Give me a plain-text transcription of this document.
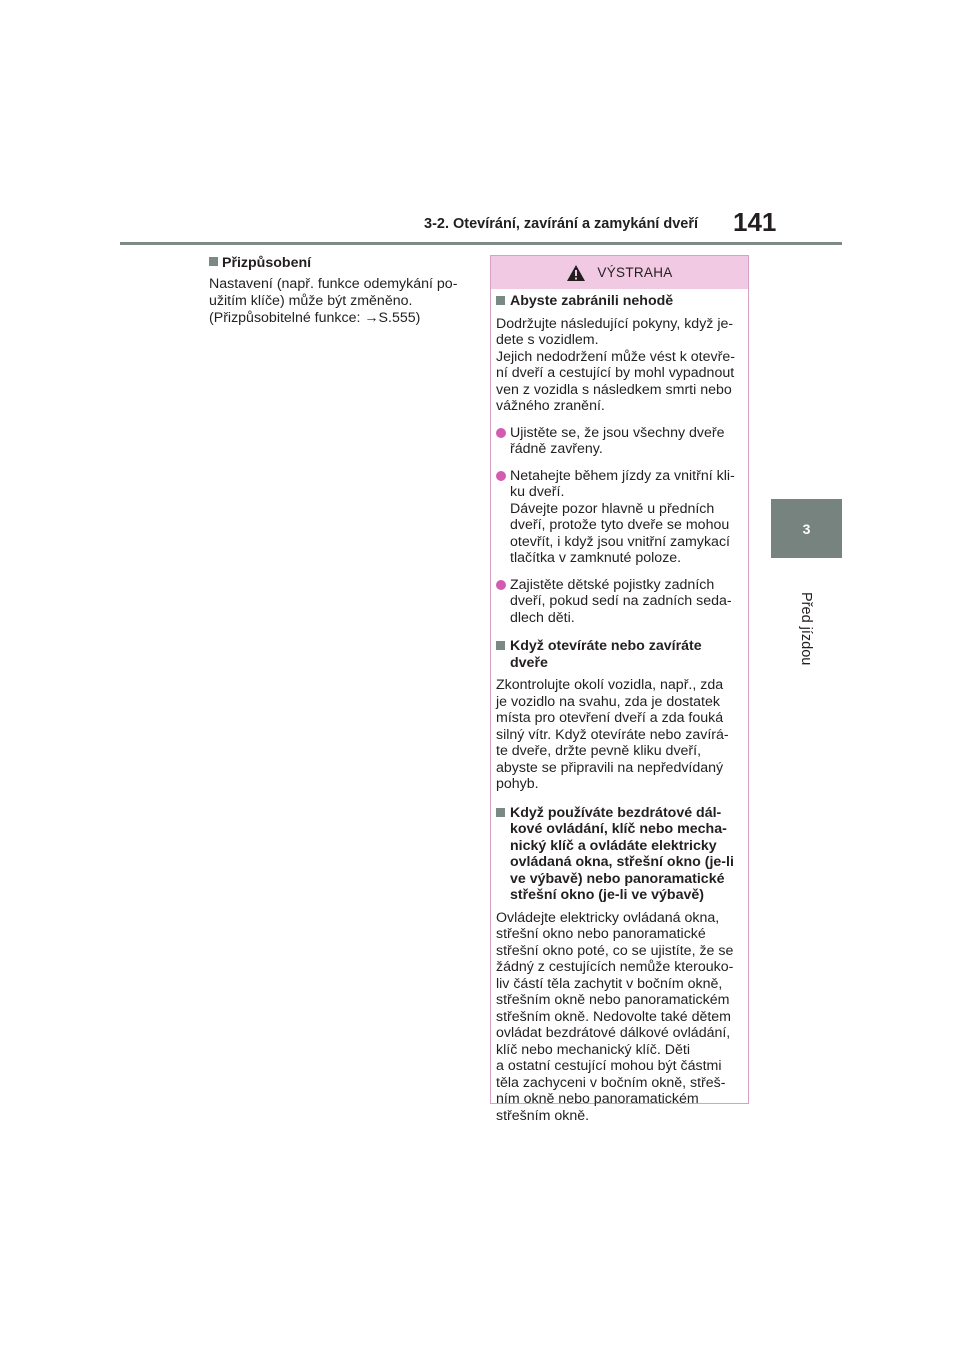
3-2. Otevírání, zavírání a zamykání dveří 141
3
Před jízdou
Přizpůsobení
Nastavení (např. funkce odemykání po-
užitím klíče) může být změněno.
(Přizpůsobitelné funkce: →S.555)
VÝSTRAHA
Abyste zabránili nehodě
Dodržujte následující pokyny, když je-
dete s vozidlem.
Jejich nedodržení může vést k otevře-
ní dveří a cestující by mohl vypadnout
ven z vozidla s následkem smrti nebo
vážného zranění.
Ujistěte se, že jsou všechny dveře
řádně zavřeny.
Netahejte během jízdy za vnitřní kli-
ku dveří.
Dávejte pozor hlavně u předních
dveří, protože tyto dveře se mohou
otevřít, i když jsou vnitřní zamykací
tlačítka v zamknuté poloze.
Zajistěte dětské pojistky zadních
dveří, pokud sedí na zadních seda-
dlech děti.
Když otevíráte nebo zavíráte
dveře
Zkontrolujte okolí vozidla, např., zda
je vozidlo na svahu, zda je dostatek
místa pro otevření dveří a zda fouká
silný vítr. Když otevíráte nebo zavírá-
te dveře, držte pevně kliku dveří,
abyste se připravili na nepředvídaný
pohyb.
Když používáte bezdrátové dál-
kové ovládání, klíč nebo mecha-
nický klíč a ovládáte elektricky
ovládaná okna, střešní okno (je-li
ve výbavě) nebo panoramatické
střešní okno (je-li ve výbavě)
Ovládejte elektricky ovládaná okna,
střešní okno nebo panoramatické
střešní okno poté, co se ujistíte, že se
žádný z cestujících nemůže kterouko-
liv částí těla zachytit v bočním okně,
střešním okně nebo panoramatickém
střešním okně. Nedovolte také dětem
ovládat bezdrátové dálkové ovládání,
klíč nebo mechanický klíč. Děti
a ostatní cestující mohou být částmi
těla zachyceni v bočním okně, střeš-
ním okně nebo panoramatickém
střešním okně.
